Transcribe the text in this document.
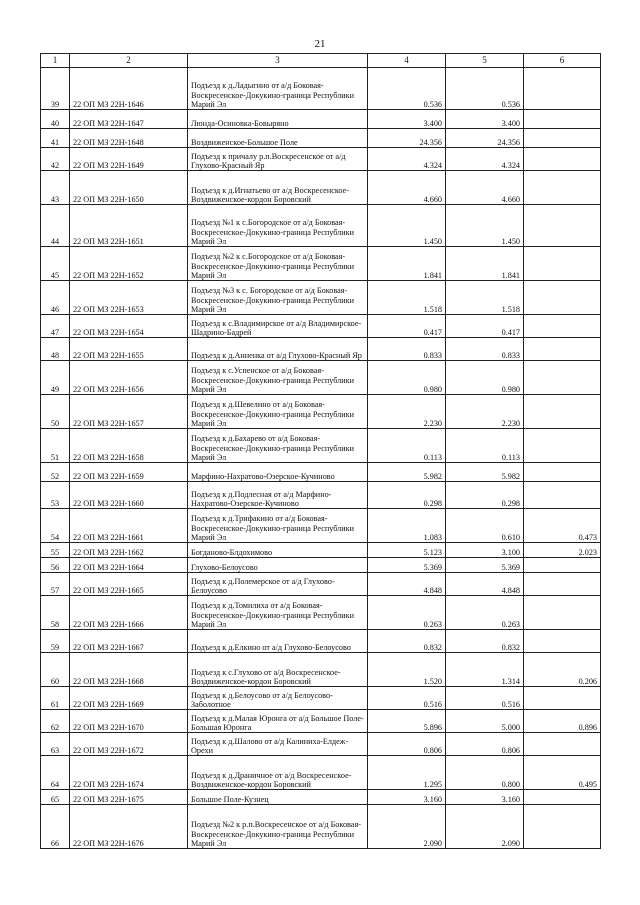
21
1	2	3	4	5	6
39	22 ОП МЗ 22Н-1646	Подъезд к д.Ладыгино от а/д Боковая-Воскресенское-Докукино-граница Республики Марий Эл	0.536	0.536	
40	22 ОП МЗ 22Н-1647	Люнда-Осиновка-Бовыряно	3.400	3.400	
41	22 ОП МЗ 22Н-1648	Воздвиженское-Большое Поле	24.356	24.356	
42	22 ОП МЗ 22Н-1649	Подъезд к причалу р.п.Воскресенское от а/д Глухово-Красный Яр	4.324	4.324	
43	22 ОП МЗ 22Н-1650	Подъезд к д.Игнатьево от а/д Воскресенское-Воздвиженское-кордон Боровский	4.660	4.660	
44	22 ОП МЗ 22Н-1651	Подъезд №1 к с.Богородское от а/д Боковая-Воскресенское-Докукино-граница Республики Марий Эл	1.450	1.450	
45	22 ОП МЗ 22Н-1652	Подъезд №2 к с.Богородское от а/д Боковая-Воскресенское-Докукино-граница Республики Марий Эл	1.841	1.841	
46	22 ОП МЗ 22Н-1653	Подъезд №3 к с. Богородское от а/д Боковая-Воскресенское-Докукино-граница Республики Марий Эл	1.518	1.518	
47	22 ОП МЗ 22Н-1654	Подъезд к с.Владимирское от а/д Владимирское-Шадрино-Бадрей	0.417	0.417	
48	22 ОП МЗ 22Н-1655	Подъезд к д.Анненка от а/д Глухово-Красный Яр	0.833	0.833	
49	22 ОП МЗ 22Н-1656	Подъезд к с.Успенское от а/д Боковая-Воскресенское-Докукино-граница Республики Марий Эл	0.980	0.980	
50	22 ОП МЗ 22Н-1657	Подъезд к д.Шевелино от а/д Боковая-Воскресенское-Докукино-граница Республики Марий Эл	2.230	2.230	
51	22 ОП МЗ 22Н-1658	Подъезд к д.Бахарево от а/д Боковая-Воскресенское-Докукино-граница Республики Марий Эл	0.113	0.113	
52	22 ОП МЗ 22Н-1659	Марфино-Нахратово-Озерское-Кучиново	5.982	5.982	
53	22 ОП МЗ 22Н-1660	Подъезд к д.Подлесная от а/д Марфино-Нахратово-Озерское-Кучиново	0.298	0.298	
54	22 ОП МЗ 22Н-1661	Подъезд к д.Трифакино от а/д Боковая-Воскресенское-Докукино-граница Республики Марий Эл	1.083	0.610	0.473
55	22 ОП МЗ 22Н-1662	Богданово-Блдохимово	5.123	3.100	2.023
56	22 ОП МЗ 22Н-1664	Глухово-Белоусово	5.369	5.369	
57	22 ОП МЗ 22Н-1665	Подъезд к д.Полемерское от а/д Глухово-Белоусово	4.848	4.848	
58	22 ОП МЗ 22Н-1666	Подъезд к д.Томилиха от а/д Боковая-Воскресенское-Докукино-граница Республики Марий Эл	0.263	0.263	
59	22 ОП МЗ 22Н-1667	Подъезд к д.Елкино от а/д Глухово-Белоусово	0.832	0.832	
60	22 ОП МЗ 22Н-1668	Подъезд к с.Глухово от а/д Воскресенское-Воздвиженское-кордон Боровский	1.520	1.314	0.206
61	22 ОП МЗ 22Н-1669	Подъезд к д.Белоусово от а/д Белоусово-Заболотное	0.516	0.516	
62	22 ОП МЗ 22Н-1670	Подъезд к д.Малая Юронга от а/д Большое Поле-Большая Юронга	5.896	5.000	0.896
63	22 ОП МЗ 22Н-1672	Подъезд к д.Шалово от а/д Калиниха-Елдеж-Орехи	0.806	0.806	
64	22 ОП МЗ 22Н-1674	Подъезд к д.Драничное от а/д Воскресенское-Воздвиженское-кордон Боровский	1.295	0.800	0.495
65	22 ОП МЗ 22Н-1675	Большое Поле-Кузнец	3.160	3.160	
66	22 ОП МЗ 22Н-1676	Подъезд №2 к р.п.Воскресенское от а/д Боковая-Воскресенское-Докукино-граница Республики Марий Эл	2.090	2.090	
